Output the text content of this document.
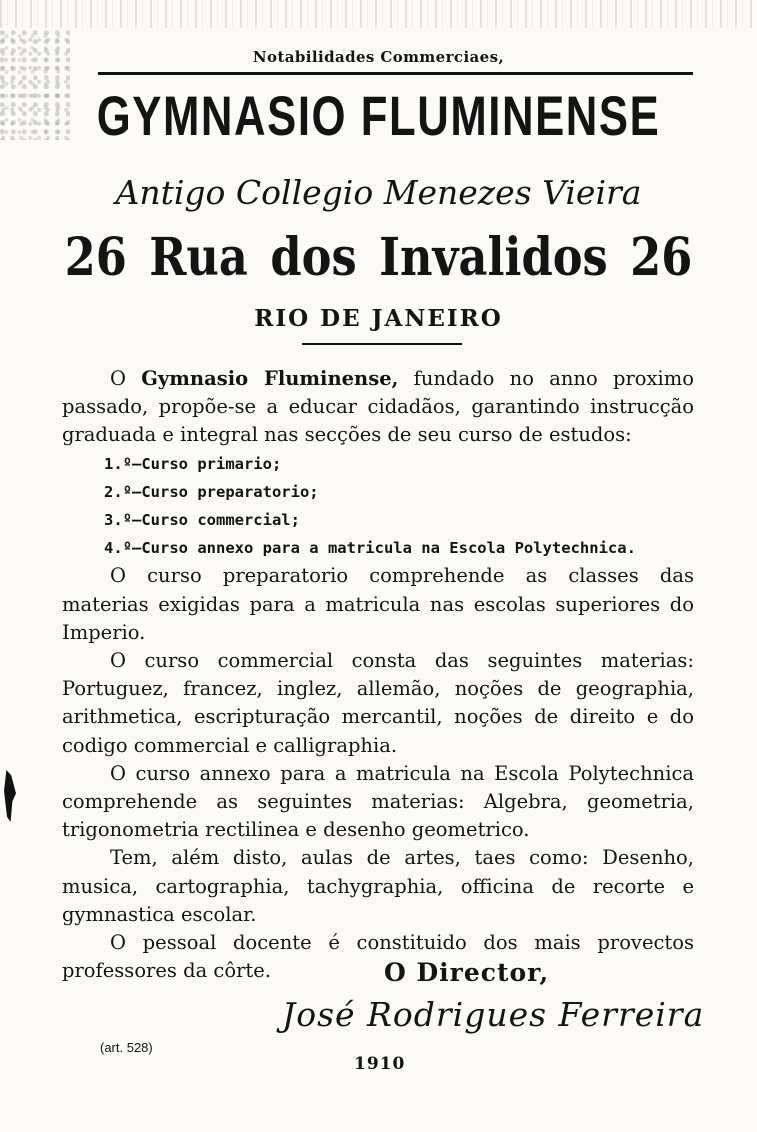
Notabilidades Commerciaes,
GYMNASIO FLUMINENSE
Antigo Collegio Menezes Vieira
26 Rua dos Invalidos 26
RIO DE JANEIRO

O Gymnasio Fluminense, fundado no anno proximo passado, propõe-se a educar cidadãos, garantindo instrucção graduada e integral nas secções de seu curso de estudos:

1.º—Curso primario;
2.º—Curso preparatorio;
3.º—Curso commercial;
4.º—Curso annexo para a matricula na Escola Polytechnica.

O curso preparatorio comprehende as classes das materias exigidas para a matricula nas escolas superiores do Imperio.

O curso commercial consta das seguintes materias: Portuguez, francez, inglez, allemão, noções de geographia, arithmetica, escripturação mercantil, noções de direito e do codigo commercial e calligraphia.

O curso annexo para a matricula na Escola Polytechnica comprehende as seguintes materias: Algebra, geometria, trigonometria rectilinea e desenho geometrico.

Tem, além disto, aulas de artes, taes como: Desenho, musica, cartographia, tachygraphia, officina de recorte e gymnastica escolar.

O pessoal docente é constituido dos mais provectos professores da côrte.	O Director,
José Rodrigues Ferreira
(art. 528)
1910
